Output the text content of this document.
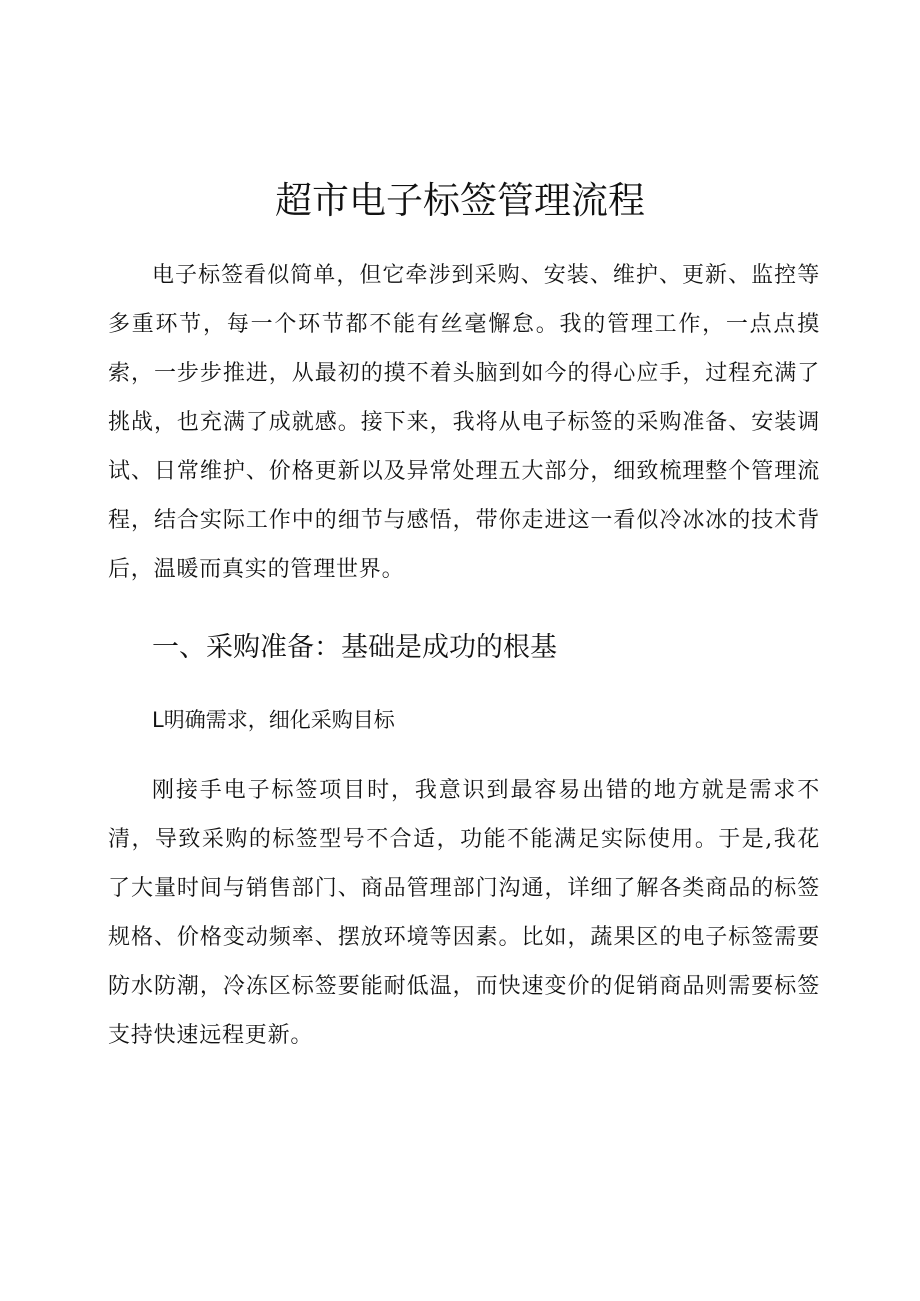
超市电子标签管理流程

电子标签看似简单，但它牵涉到采购、安装、维护、更新、监控等多重环节，每一个环节都不能有丝毫懈怠。我的管理工作，一点点摸索，一步步推进，从最初的摸不着头脑到如今的得心应手，过程充满了挑战，也充满了成就感。接下来，我将从电子标签的采购准备、安装调试、日常维护、价格更新以及异常处理五大部分，细致梳理整个管理流程，结合实际工作中的细节与感悟，带你走进这一看似冷冰冰的技术背后，温暖而真实的管理世界。

一、采购准备：基础是成功的根基
L明确需求，细化采购目标

刚接手电子标签项目时，我意识到最容易出错的地方就是需求不清，导致采购的标签型号不合适，功能不能满足实际使用。于是,我花了大量时间与销售部门、商品管理部门沟通，详细了解各类商品的标签规格、价格变动频率、摆放环境等因素。比如，蔬果区的电子标签需要防水防潮，冷冻区标签要能耐低温，而快速变价的促销商品则需要标签支持快速远程更新。
